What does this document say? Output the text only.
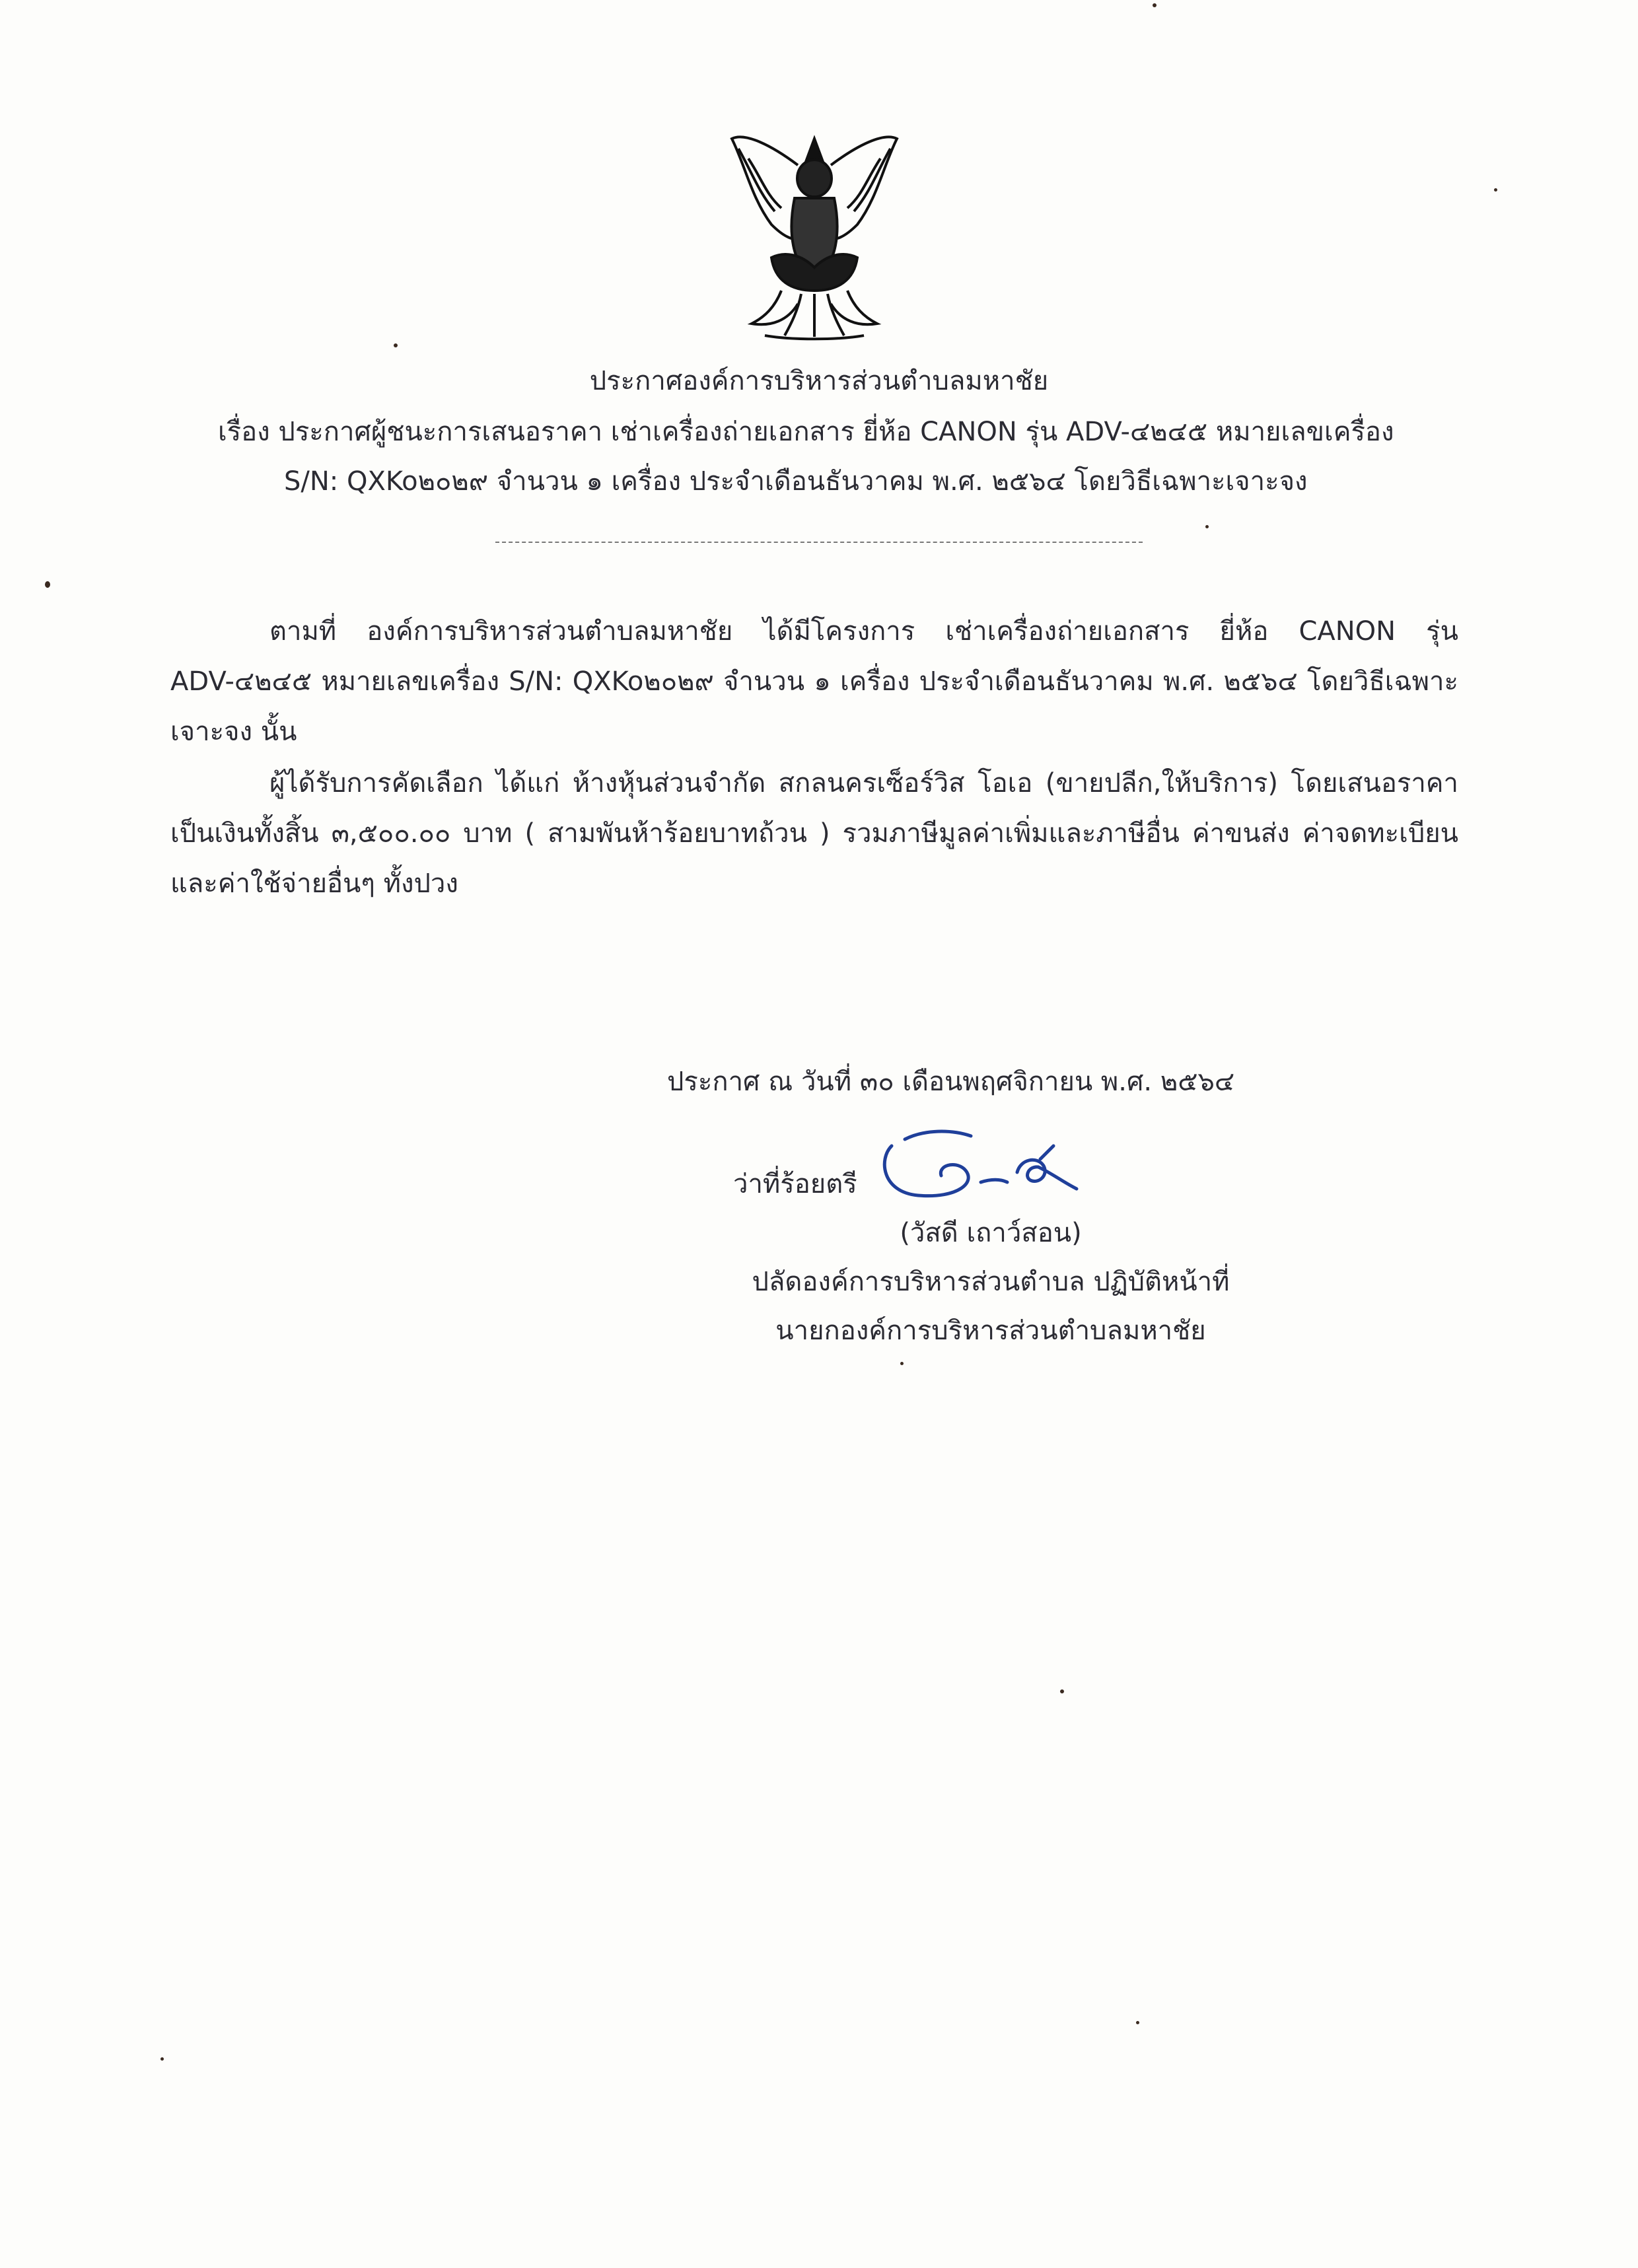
ประกาศองค์การบริหารส่วนตำบลมหาชัย
เรื่อง ประกาศผู้ชนะการเสนอราคา เช่าเครื่องถ่ายเอกสาร ยี่ห้อ CANON รุ่น ADV-๔๒๔๕ หมายเลขเครื่อง
S/N: QXKo๒๐๒๙ จำนวน ๑ เครื่อง ประจำเดือนธันวาคม พ.ศ. ๒๕๖๔ โดยวิธีเฉพาะเจาะจง
ตามที่ องค์การบริหารส่วนตำบลมหาชัย ได้มีโครงการ เช่าเครื่องถ่ายเอกสาร ยี่ห้อ CANON รุ่น ADV-๔๒๔๕ หมายเลขเครื่อง S/N: QXKo๒๐๒๙ จำนวน ๑ เครื่อง ประจำเดือนธันวาคม พ.ศ. ๒๕๖๔ โดยวิธีเฉพาะเจาะจง นั้น
ผู้ได้รับการคัดเลือก ได้แก่ ห้างหุ้นส่วนจำกัด สกลนครเซ็อร์วิส โอเอ (ขายปลีก,ให้บริการ) โดยเสนอราคาเป็นเงินทั้งสิ้น ๓,๕๐๐.๐๐ บาท ( สามพันห้าร้อยบาทถ้วน ) รวมภาษีมูลค่าเพิ่มและภาษีอื่น ค่าขนส่ง ค่าจดทะเบียน และค่าใช้จ่ายอื่นๆ ทั้งปวง
ประกาศ ณ วันที่ ๓๐ เดือนพฤศจิกายน พ.ศ. ๒๕๖๔
ว่าที่ร้อยตรี
(วัสดี เถาว์สอน)
ปลัดองค์การบริหารส่วนตำบล ปฏิบัติหน้าที่
นายกองค์การบริหารส่วนตำบลมหาชัย
